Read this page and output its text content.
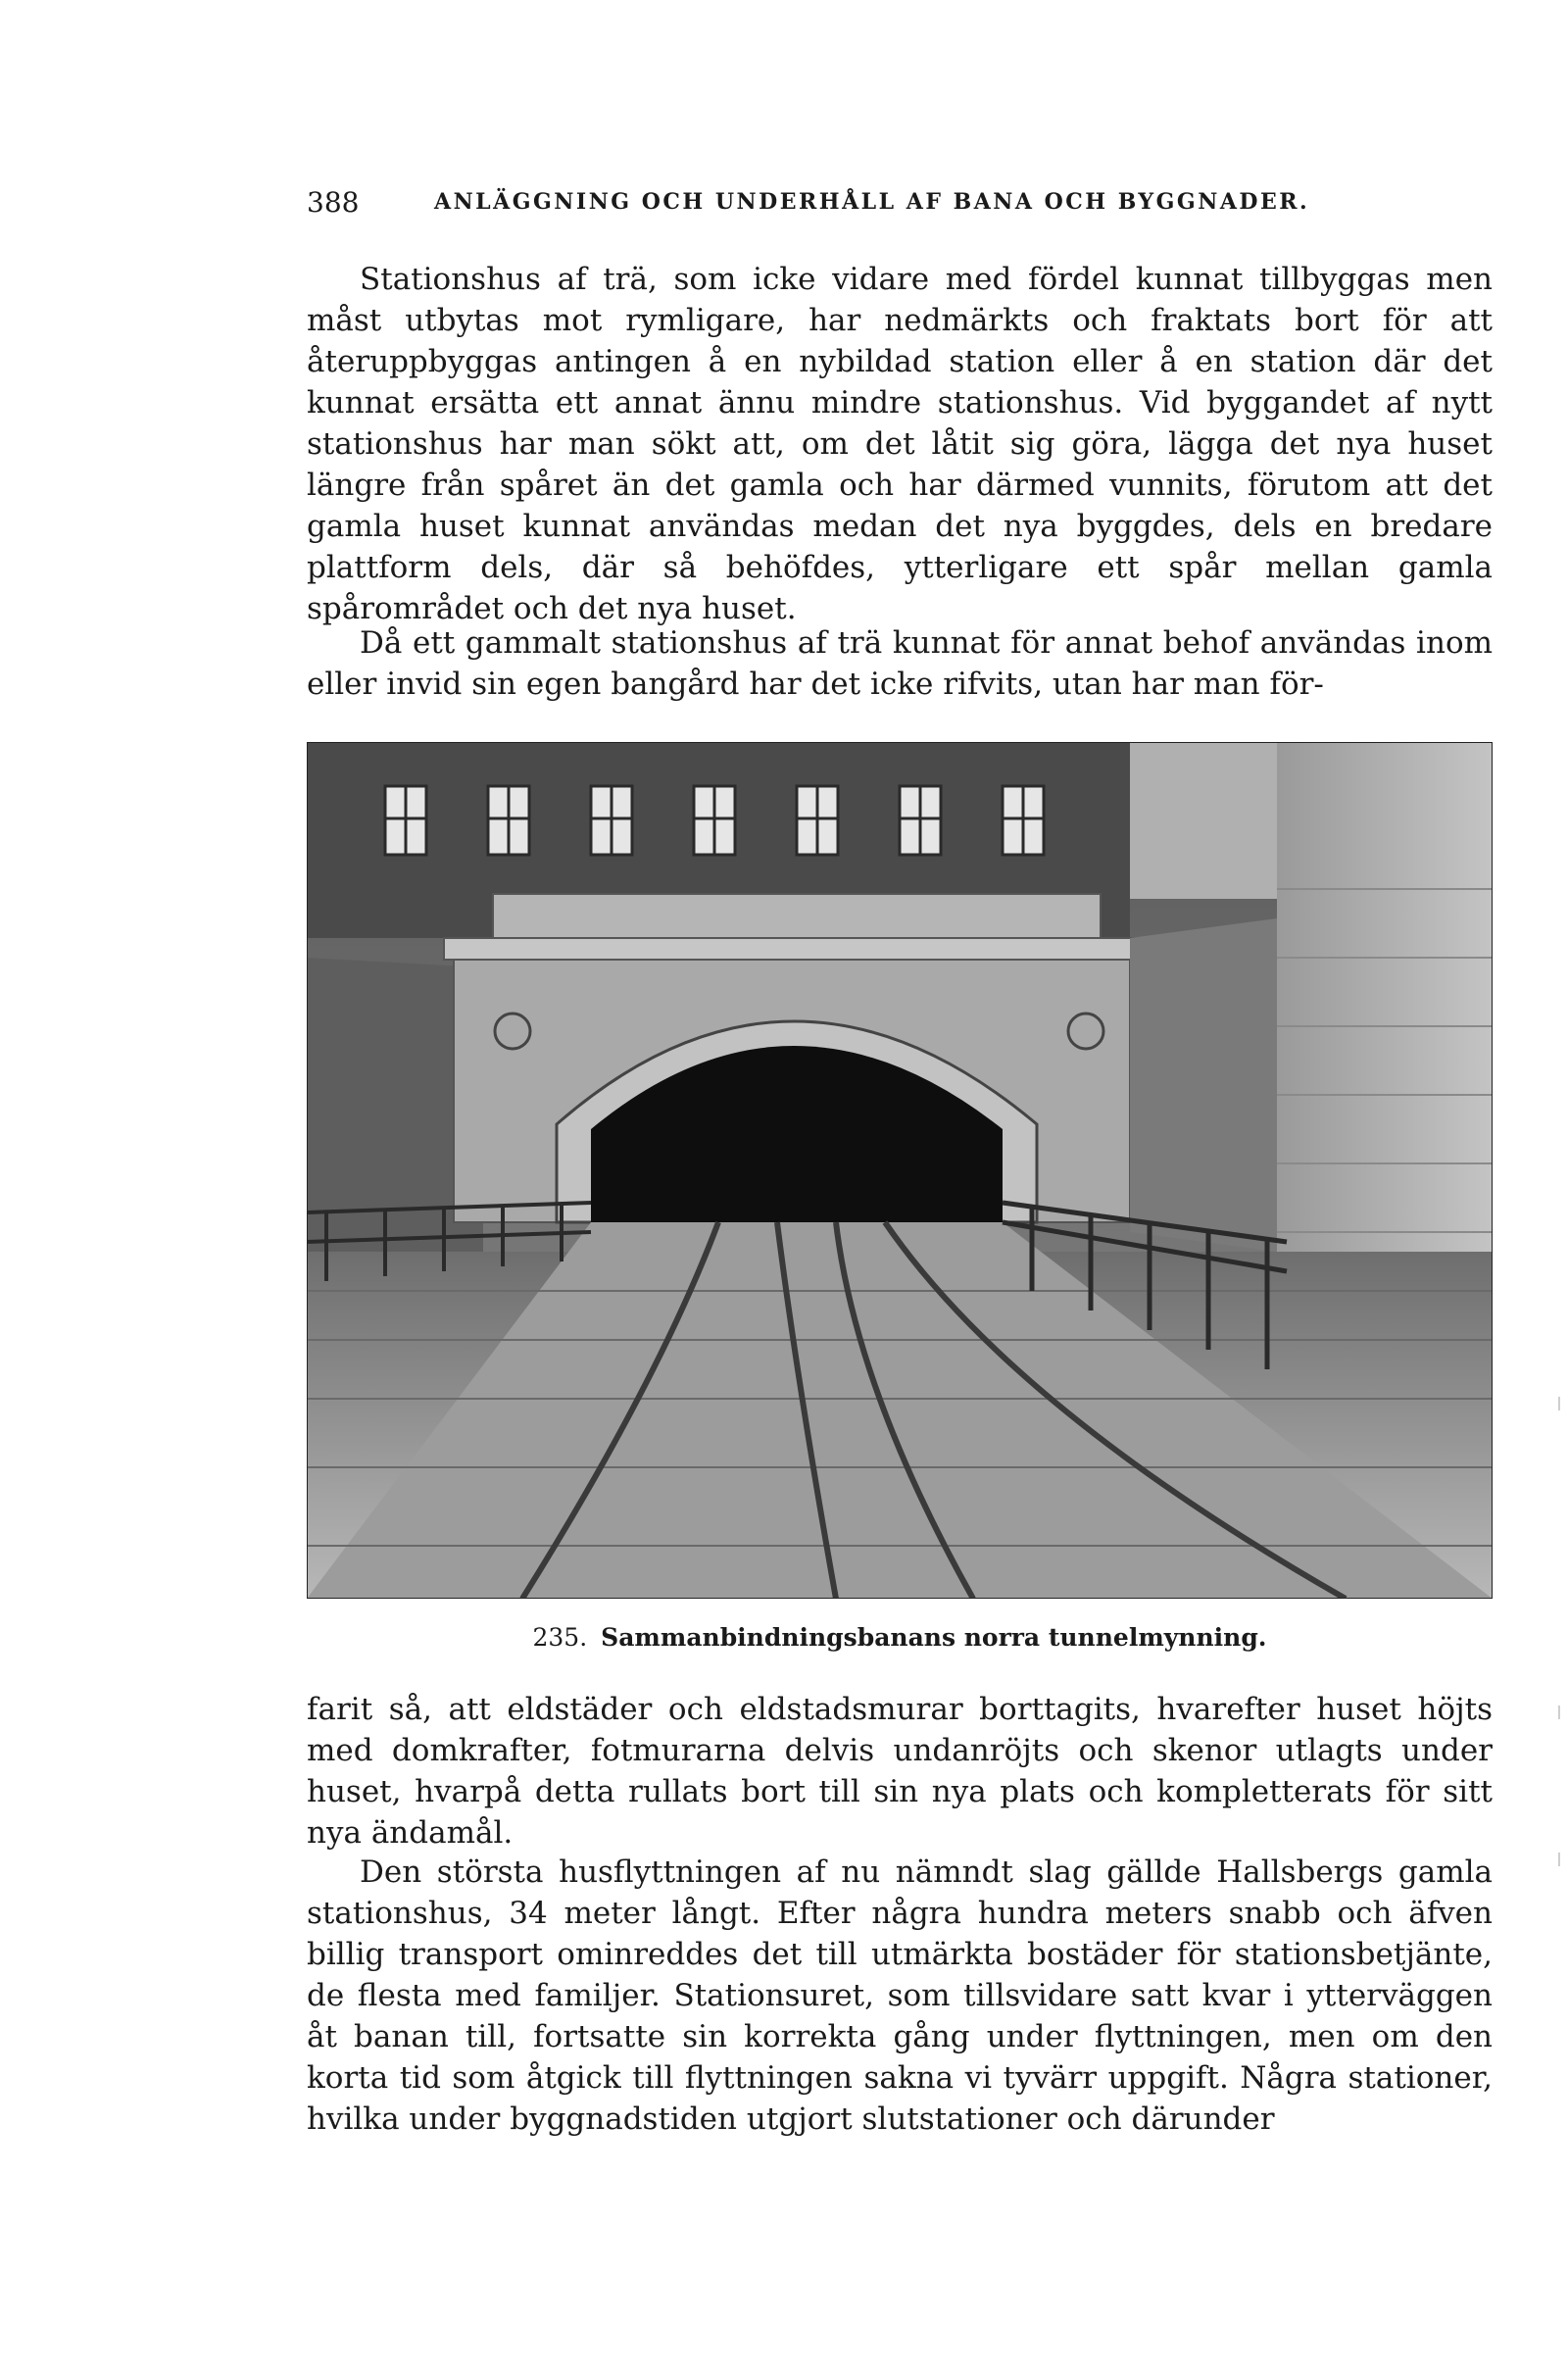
388	ANLÄGGNING OCH UNDERHÅLL AF BANA OCH BYGGNADER.

Stationshus af trä, som icke vidare med fördel kunnat tillbyggas men måst utbytas mot rymligare, har nedmärkts och fraktats bort för att återuppbyggas antingen å en nybildad station eller å en station där det kunnat ersätta ett annat ännu mindre stationshus. Vid byggandet af nytt stationshus har man sökt att, om det låtit sig göra, lägga det nya huset längre från spåret än det gamla och har därmed vunnits, förutom att det gamla huset kunnat användas medan det nya byggdes, dels en bredare plattform dels, där så behöfdes, ytterligare ett spår mellan gamla spårområdet och det nya huset.

Då ett gammalt stationshus af trä kunnat för annat behof användas inom eller invid sin egen bangård har det icke rifvits, utan har man för-

235. Sammanbindningsbanans norra tunnelmynning.

farit så, att eldstäder och eldstadsmurar borttagits, hvarefter huset höjts med domkrafter, fotmurarna delvis undanröjts och skenor utlagts under huset, hvarpå detta rullats bort till sin nya plats och kompletterats för sitt nya ändamål.

Den största husflyttningen af nu nämndt slag gällde Hallsbergs gamla stationshus, 34 meter långt. Efter några hundra meters snabb och äfven billig transport ominreddes det till utmärkta bostäder för stationsbetjänte, de flesta med familjer. Stationsuret, som tillsvidare satt kvar i ytterväggen åt banan till, fortsatte sin korrekta gång under flyttningen, men om den korta tid som åtgick till flyttningen sakna vi tyvärr uppgift. Några stationer, hvilka under byggnadstiden utgjort slutstationer och därunder
